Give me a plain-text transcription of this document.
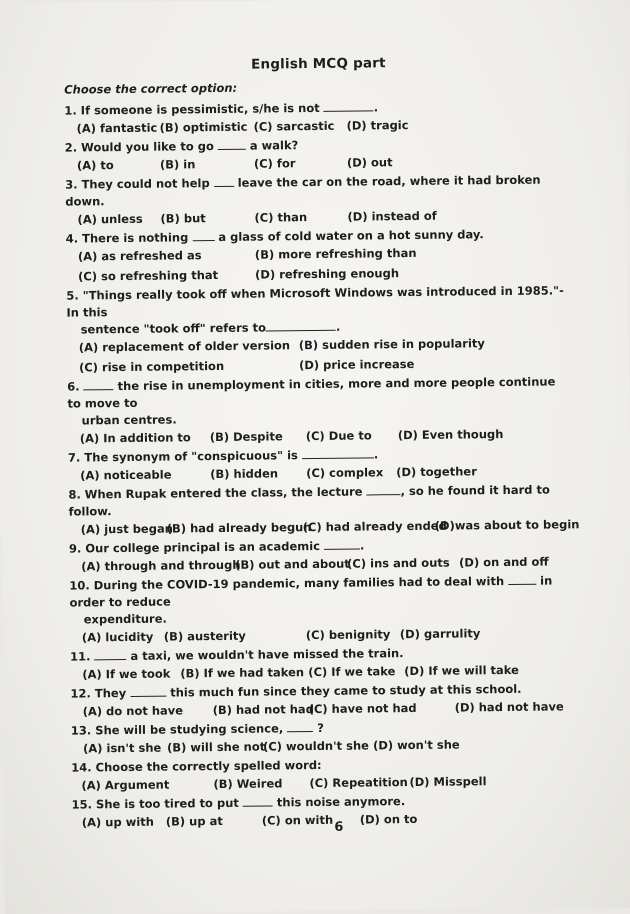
English MCQ part
Choose the correct option:

1. If someone is pessimistic, s/he is not	.

(A) fantastic (B) optimistic (C) sarcastic (D) tragic

2. Would you like to go  a walk?

(A) to	(B) in	(C) for	(D) out

3. They could not help  leave the car on the road, where it had broken down.

(A) unless (B) but	(C) than	(D) instead of

4. There is nothing  a glass of cold water on a hot sunny day.

(A) as refreshed as	(B) more refreshing than
(C) so refreshing that	(D) refreshing enough

5. "Things really took off when Microsoft Windows was introduced in 1985."- In this

sentence "took off" refers to	.

(A) replacement of older version (B) sudden rise in popularity
(C) rise in competition	(D) price increase

6.	the rise in unemployment in cities, more and more people continue to move to

urban centres.

(A) In addition to (B) Despite (C) Due to (D) Even though

7. The synonym of "conspicuous" is	.

(A) noticeable	(B) hidden (C) complex (D) together

8. When Rupak entered the class, the lecture	, so he found it hard to follow.

(A) just began
(B) had already begun
(C) had already ended
(D)was about to begin

9. Our college principal is an academic	.

(A) through and through
(B) out and about
(C) ins and outs (D) on and off

10. During the COVID-19 pandemic, many families had to deal with  in order to reduce

expenditure.

(A) lucidity (B) austerity	(C) benignity (D) garrulity

11.	a taxi, we wouldn't have missed the train.

(A) If we took (B) If we had taken (C) If we take (D) If we will take

12. They	this much fun since they came to study at this school.

(A) do not have	(B) had not had
(C) have not had	(D) had not have

13. She will be studying science,  ?

(A) isn't she (B) will she not
(C) wouldn't she (D) won't she

14. Choose the correctly spelled word:

(A) Argument	(B) Weired (C) Repeatition (D) Misspell

15. She is too tired to put	this noise anymore.

(A) up with (B) up at	(C) on with (D) on to
6
